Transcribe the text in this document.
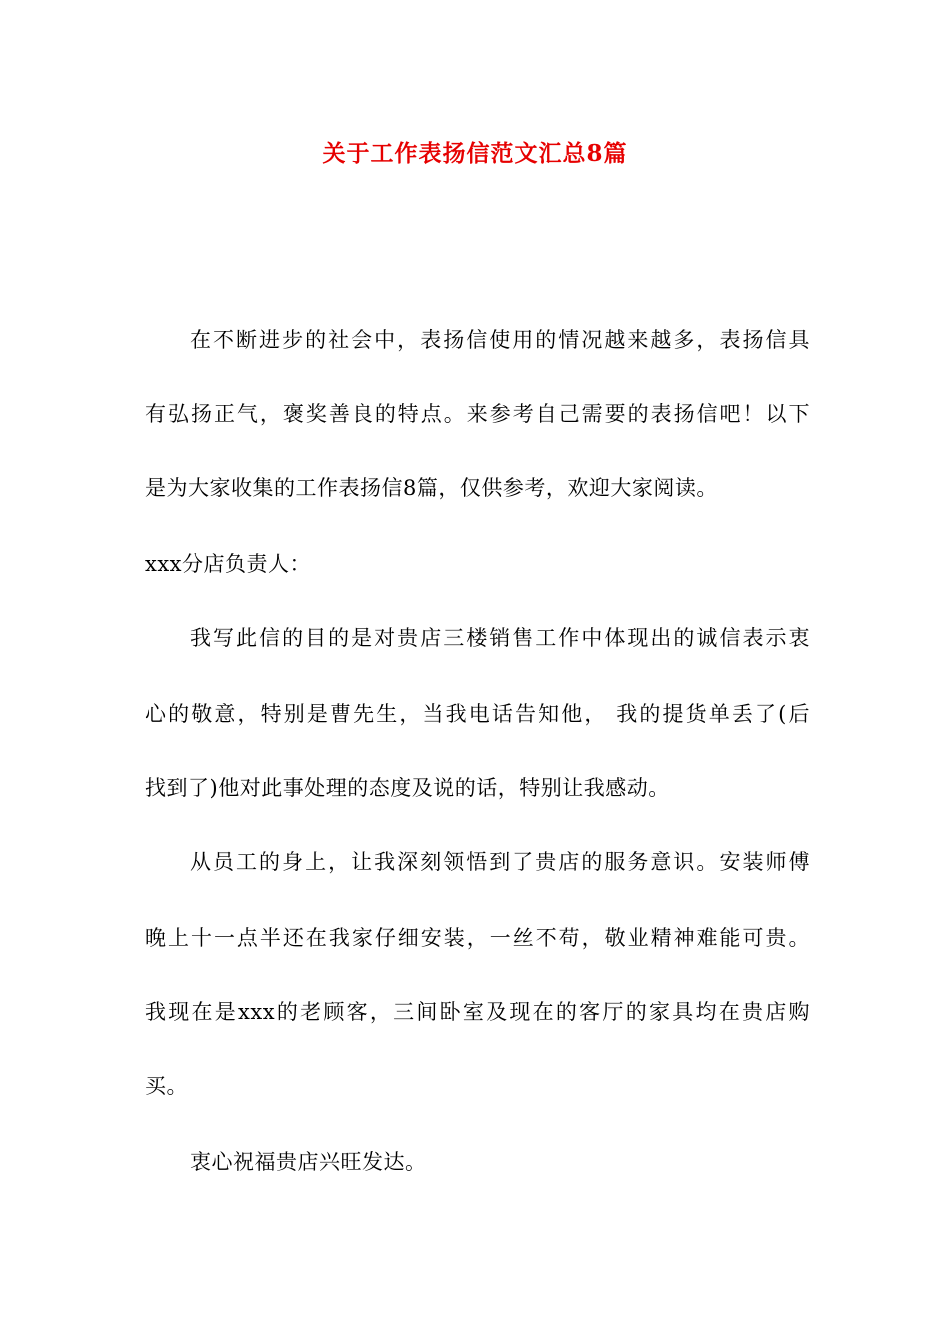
关于工作表扬信范文汇总8篇
在不断进步的社会中，表扬信使用的情况越来越多，表扬信具
有弘扬正气，褒奖善良的特点。来参考自己需要的表扬信吧！以下
是为大家收集的工作表扬信8篇，仅供参考，欢迎大家阅读。
xxx分店负责人：
我写此信的目的是对贵店三楼销售工作中体现出的诚信表示衷
心的敬意，特别是曹先生，当我电话告知他， 我的提货单丢了(后
找到了)他对此事处理的态度及说的话，特别让我感动。
从员工的身上，让我深刻领悟到了贵店的服务意识。安装师傅
晚上十一点半还在我家仔细安装，一丝不苟，敬业精神难能可贵。
我现在是xxx的老顾客，三间卧室及现在的客厅的家具均在贵店购
买。
衷心祝福贵店兴旺发达。
